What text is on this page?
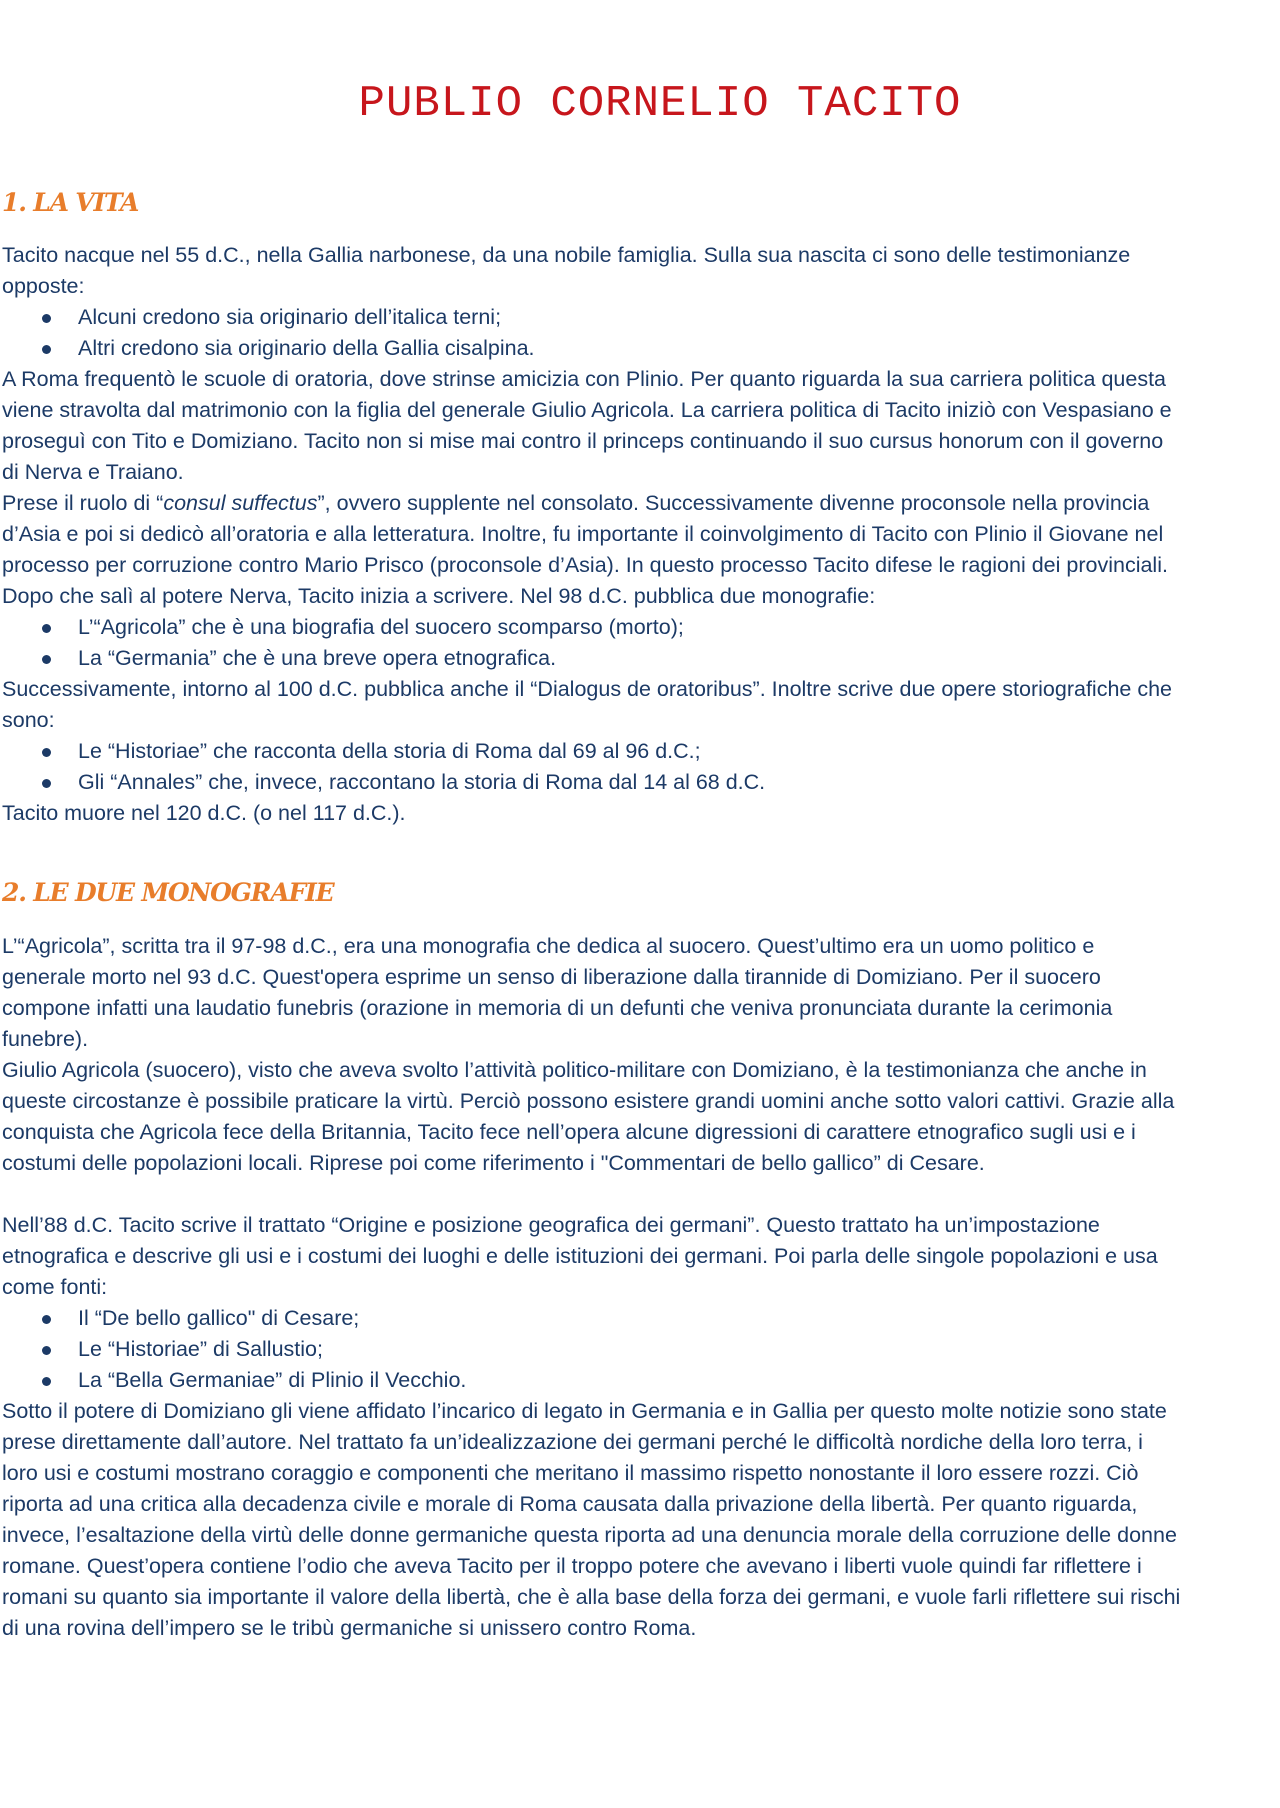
PUBLIO CORNELIO TACITO
1. LA VITA
Tacito nacque nel 55 d.C., nella Gallia narbonese, da una nobile famiglia. Sulla sua nascita ci sono delle testimonianze
opposte:
Alcuni credono sia originario dell’italica terni;
Altri credono sia originario della Gallia cisalpina.
A Roma frequentò le scuole di oratoria, dove strinse amicizia con Plinio. Per quanto riguarda la sua carriera politica questa
viene stravolta dal matrimonio con la figlia del generale Giulio Agricola. La carriera politica di Tacito iniziò con Vespasiano e
proseguì con Tito e Domiziano. Tacito non si mise mai contro il princeps continuando il suo cursus honorum con il governo
di Nerva e Traiano.
Prese il ruolo di “consul suffectus”, ovvero supplente nel consolato. Successivamente divenne proconsole nella provincia
d’Asia e poi si dedicò all’oratoria e alla letteratura. Inoltre, fu importante il coinvolgimento di Tacito con Plinio il Giovane nel
processo per corruzione contro Mario Prisco (proconsole d’Asia). In questo processo Tacito difese le ragioni dei provinciali.
Dopo che salì al potere Nerva, Tacito inizia a scrivere. Nel 98 d.C. pubblica due monografie:
L’“Agricola” che è una biografia del suocero scomparso (morto);
La “Germania” che è una breve opera etnografica.
Successivamente, intorno al 100 d.C. pubblica anche il “Dialogus de oratoribus”. Inoltre scrive due opere storiografiche che
sono:
Le “Historiae” che racconta della storia di Roma dal 69 al 96 d.C.;
Gli “Annales” che, invece, raccontano la storia di Roma dal 14 al 68 d.C.
Tacito muore nel 120 d.C. (o nel 117 d.C.).
2. LE DUE MONOGRAFIE
L’“Agricola”, scritta tra il 97-98 d.C., era una monografia che dedica al suocero. Quest’ultimo era un uomo politico e
generale morto nel 93 d.C. Quest'opera esprime un senso di liberazione dalla tirannide di Domiziano. Per il suocero
compone infatti una laudatio funebris (orazione in memoria di un defunti che veniva pronunciata durante la cerimonia
funebre).
Giulio Agricola (suocero), visto che aveva svolto l’attività politico-militare con Domiziano, è la testimonianza che anche in
queste circostanze è possibile praticare la virtù. Perciò possono esistere grandi uomini anche sotto valori cattivi. Grazie alla
conquista che Agricola fece della Britannia, Tacito fece nell’opera alcune digressioni di carattere etnografico sugli usi e i
costumi delle popolazioni locali. Riprese poi come riferimento i "Commentari de bello gallico” di Cesare.
Nell’88 d.C. Tacito scrive il trattato “Origine e posizione geografica dei germani”. Questo trattato ha un’impostazione
etnografica e descrive gli usi e i costumi dei luoghi e delle istituzioni dei germani. Poi parla delle singole popolazioni e usa
come fonti:
Il “De bello gallico" di Cesare;
Le “Historiae” di Sallustio;
La “Bella Germaniae” di Plinio il Vecchio.
Sotto il potere di Domiziano gli viene affidato l’incarico di legato in Germania e in Gallia per questo molte notizie sono state
prese direttamente dall’autore. Nel trattato fa un’idealizzazione dei germani perché le difficoltà nordiche della loro terra, i
loro usi e costumi mostrano coraggio e componenti che meritano il massimo rispetto nonostante il loro essere rozzi. Ciò
riporta ad una critica alla decadenza civile e morale di Roma causata dalla privazione della libertà. Per quanto riguarda,
invece, l’esaltazione della virtù delle donne germaniche questa riporta ad una denuncia morale della corruzione delle donne
romane. Quest’opera contiene l’odio che aveva Tacito per il troppo potere che avevano i liberti vuole quindi far riflettere i
romani su quanto sia importante il valore della libertà, che è alla base della forza dei germani, e vuole farli riflettere sui rischi
di una rovina dell’impero se le tribù germaniche si unissero contro Roma.
